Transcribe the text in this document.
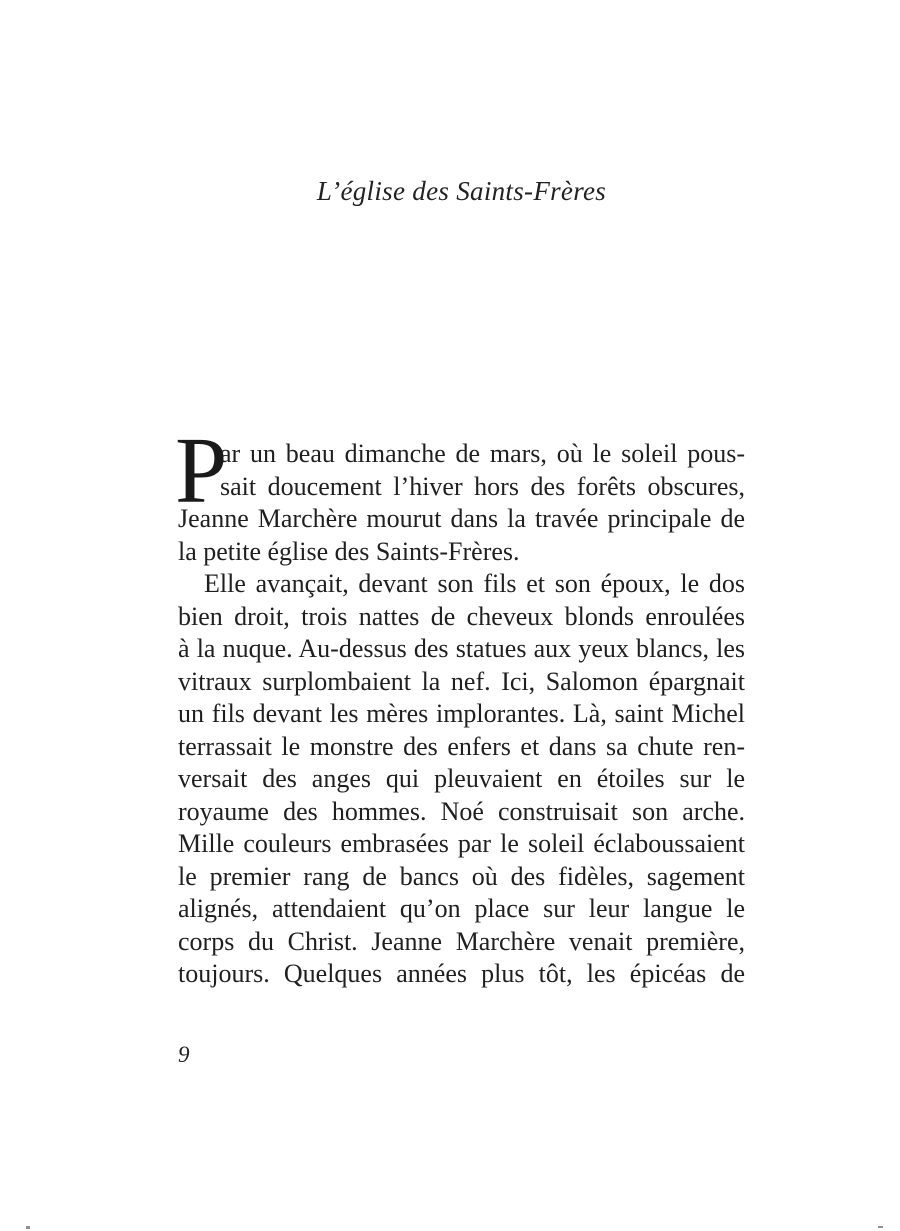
L’église des Saints-Frères
P
ar un beau dimanche de mars, où le soleil pous-
sait doucement l’hiver hors des forêts obscures,
Jeanne Marchère mourut dans la travée principale de
la petite église des Saints-Frères.
Elle avançait, devant son fils et son époux, le dos
bien droit, trois nattes de cheveux blonds enroulées
à la nuque. Au-dessus des statues aux yeux blancs, les
vitraux surplombaient la nef. Ici, Salomon épargnait
un fils devant les mères implorantes. Là, saint Michel
terrassait le monstre des enfers et dans sa chute ren-
versait des anges qui pleuvaient en étoiles sur le
royaume des hommes. Noé construisait son arche.
Mille couleurs embrasées par le soleil éclaboussaient
le premier rang de bancs où des fidèles, sagement
alignés, attendaient qu’on place sur leur langue le
corps du Christ. Jeanne Marchère venait première,
toujours. Quelques années plus tôt, les épicéas de
9
